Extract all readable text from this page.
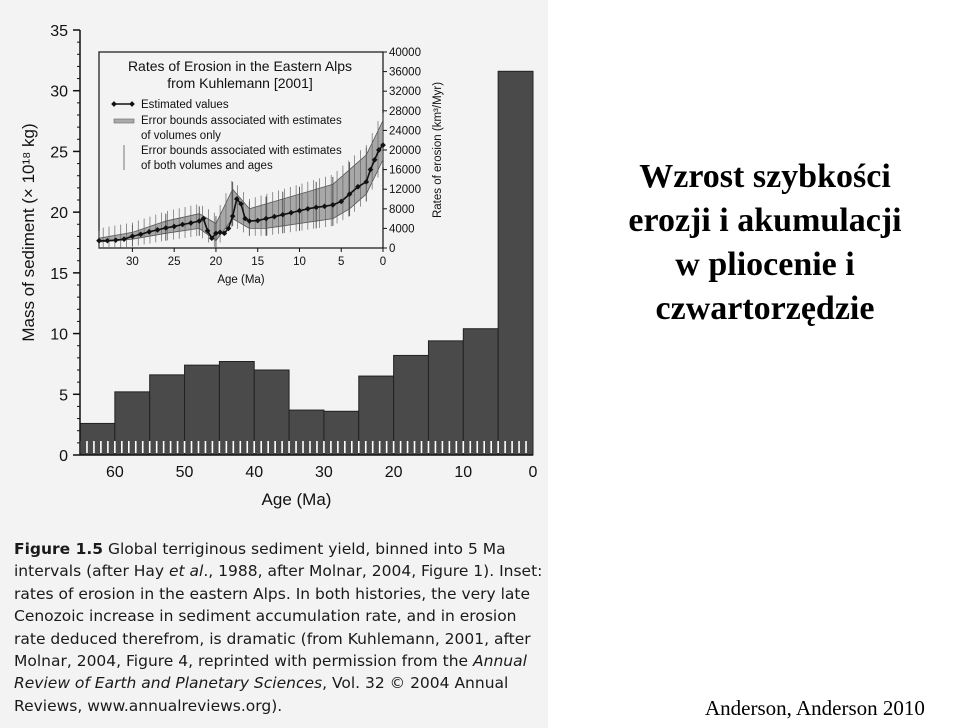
0
5
10
15
20
25
30
35
60	50	40	30	20	10	0
Age (Ma)
Mass of sediment (× 10¹⁸ kg)	30	25	20	15	10	5	0
Age (Ma)
0
4000
8000
12000
16000
20000
24000
28000
32000
36000
40000
Rates of erosion (km³/Myr)
Rates of Erosion in the Eastern Alps
from Kuhlemann [2001]
Estimated values
Error bounds associated with estimates
of volumes only
Error bounds associated with estimates
of both volumes and ages
Figure 1.5 Global terriginous sediment yield, binned into 5 Ma
intervals (after Hay et al., 1988, after Molnar, 2004, Figure 1). Inset:
rates of erosion in the eastern Alps. In both histories, the very late
Cenozoic increase in sediment accumulation rate, and in erosion
rate deduced therefrom, is dramatic (from Kuhlemann, 2001, after
Molnar, 2004, Figure 4, reprinted with permission from the Annual
Review of Earth and Planetary Sciences, Vol. 32 © 2004 Annual
Reviews, www.annualreviews.org).
Wzrost szybkości
erozji i akumulacji
w pliocenie i
czwartorzędzie
Anderson, Anderson 2010
